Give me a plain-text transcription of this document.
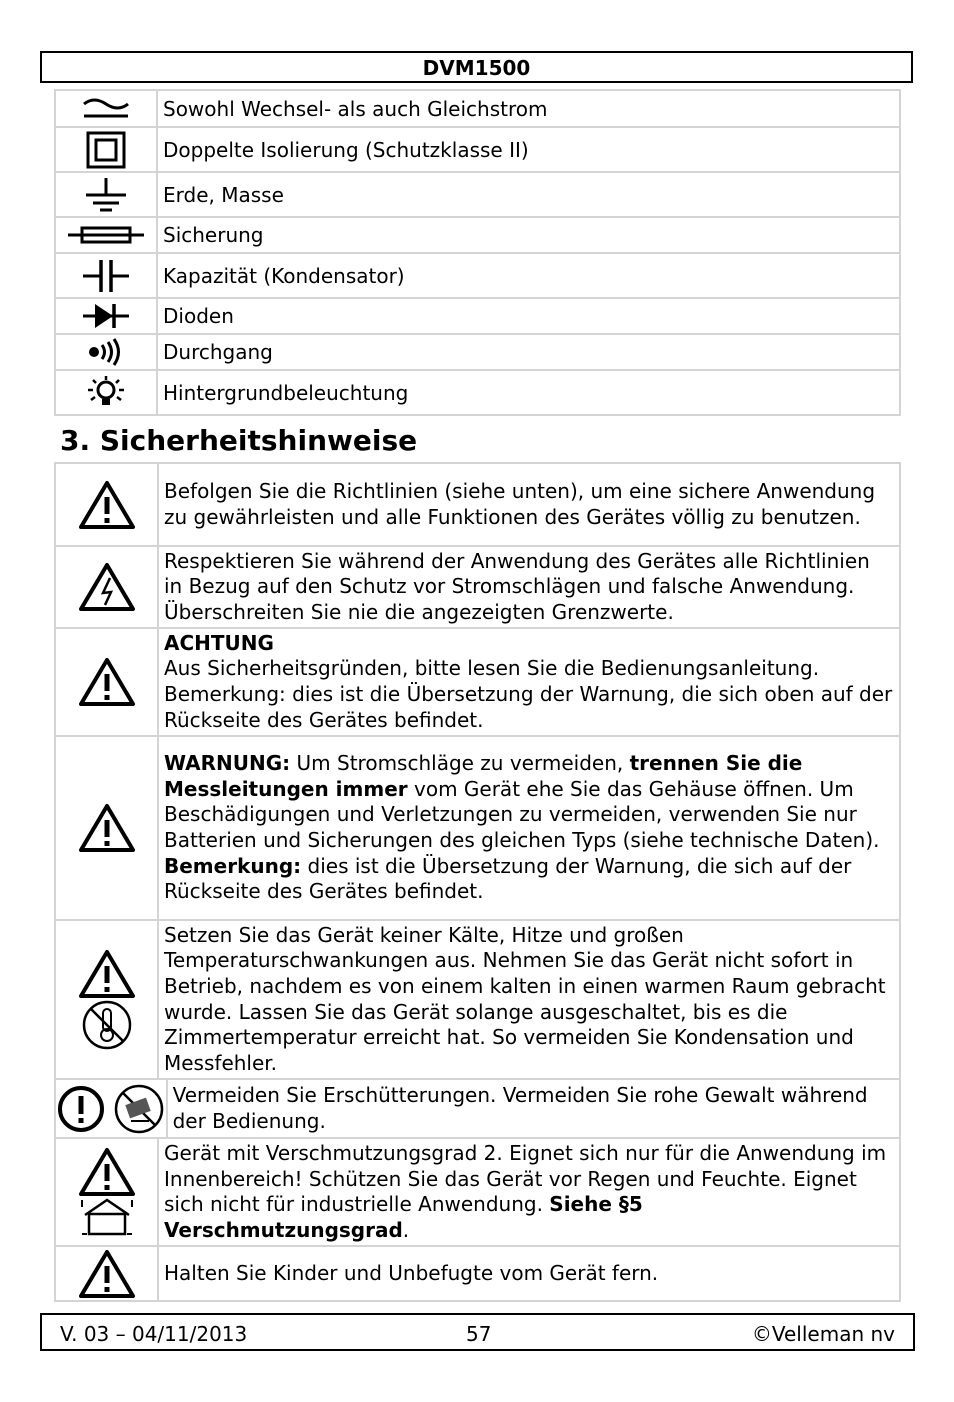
DVM1500
	Sowohl Wechsel- als auch Gleichstrom

	Doppelte Isolierung (Schutzklasse II)

	Erde, Masse

	Sicherung

	Kapazität (Kondensator)

	Dioden

	Durchgang

	Hintergrundbeleuchtung
3. Sicherheitshinweise
	Befolgen Sie die Richtlinien (siehe unten), um eine sichere Anwendung zu gewährleisten und alle Funktionen des Gerätes völlig zu benutzen.

	Respektieren Sie während der Anwendung des Gerätes alle Richtlinien in Bezug auf den Schutz vor Stromschlägen und falsche Anwendung. Überschreiten Sie nie die angezeigten Grenzwerte.

	ACHTUNG
Aus Sicherheitsgründen, bitte lesen Sie die Bedienungsanleitung. Bemerkung: dies ist die Übersetzung der Warnung, die sich oben auf der Rückseite des Gerätes befindet.

	WARNUNG: Um Stromschläge zu vermeiden, trennen Sie die Messleitungen immer vom Gerät ehe Sie das Gehäuse öffnen. Um Beschädigungen und Verletzungen zu vermeiden, verwenden Sie nur Batterien und Sicherungen des gleichen Typs (siehe technische Daten).
Bemerkung: dies ist die Übersetzung der Warnung, die sich auf der Rückseite des Gerätes befindet.

	Setzen Sie das Gerät keiner Kälte, Hitze und großen Temperaturschwankungen aus. Nehmen Sie das Gerät nicht sofort in Betrieb, nachdem es von einem kalten in einen warmen Raum gebracht wurde. Lassen Sie das Gerät solange ausgeschaltet, bis es die Zimmertemperatur erreicht hat. So vermeiden Sie Kondensation und Messfehler.

Vermeiden Sie Erschütterungen. Vermeiden Sie rohe Gewalt während der Bedienung.	

	Gerät mit Verschmutzungsgrad 2. Eignet sich nur für die Anwendung im Innenbereich! Schützen Sie das Gerät vor Regen und Feuchte. Eignet sich nicht für industrielle Anwendung. Siehe §5 Verschmutzungsgrad.

	Halten Sie Kinder und Unbefugte vom Gerät fern.
V. 03 – 04/11/2013	57	©Velleman nv
